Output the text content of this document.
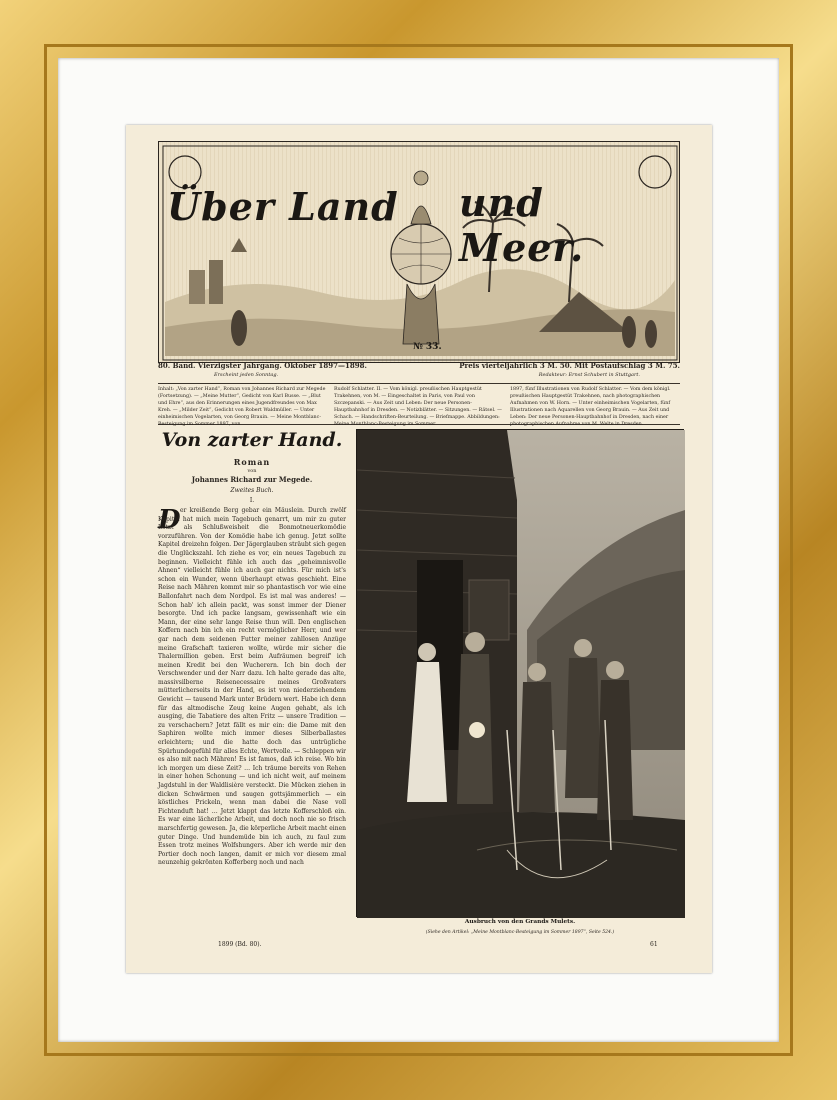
Über Land und Meer.
№ 33.
80. Band. Vierzigster Jahrgang. Oktober 1897—1898.	Preis vierteljährlich 3 M. 50. Mit Postaufschlag 3 M. 75.
Erscheint jeden Sonntag.	Redakteur: Ernst Schubert in Stuttgart.
Inhalt: „Von zarter Hand“, Roman von Johannes Richard zur Megede (Fortsetzung). — „Meine Mutter“, Gedicht von Karl Busse. — „Blut und Ehre“, aus den Erinnerungen eines Jugendfreundes von Max Kreh. — „Milder Zeit“, Gedicht von Robert Waldmüller. — Unter einheimischen Vogelarten, von Georg Brauin. — Meine Montblanc-Besteigung im Sommer 1897, von
Rudolf Schlatter. II. — Vom königl. preußischen Hauptgestüt Trakehnen, von M. — Eingeschaltet in Paris, von Paul von Szczepanski. — Aus Zeit und Leben: Der neue Personen-Hauptbahnhof in Dresden. — Notizblätter. — Sitzungen. — Rätsel. — Schach. — Handschriften-Beurteilung. — Briefmappe. Abbildungen: Meine Montblanc-Besteigung im Sommer
1897, fünf Illustrationen von Rudolf Schlatter. — Vom dem königl. preußischen Hauptgestüt Trakehnen, nach photographischen Aufnahmen von W. Horn. — Unter einheimischen Vogelarten, fünf Illustrationen nach Aquarellen von Georg Brauin. — Aus Zeit und Leben: Der neue Personen-Hauptbahnhof in Dresden, nach einer photographischen Aufnahme von M. Welte in Dresden.
Von zarter Hand.
Roman
von
Johannes Richard zur Megede.
Zweites Buch.
I.
D er kreißende Berg gebar ein Mäuslein. Durch zwölf Kapitel hat mich mein Tagebuch genarrt, um mir zu guter Letzt als Schlußweisheit die Bonmotneuerkomödie vorzuführen. Von der Komödie habe ich genug. Jetzt sollte Kapitel dreizehn folgen. Der Jägerglauben sträubt sich gegen die Unglückszahl. Ich ziehe es vor, ein neues Tagebuch zu beginnen. Vielleicht fühle ich auch das „geheimnisvolle Ahnen“ vielleicht fühle ich auch gar nichts. Für mich ist's schon ein Wunder, wenn überhaupt etwas geschieht. Eine Reise nach Mähren kommt mir so phantastisch vor wie eine Ballonfahrt nach dem Nordpol. Es ist mal was anderes! — Schon hab' ich allein packt, was sonst immer der Diener besorgte. Und ich packe langsam, gewissenhaft wie ein Mann, der eine sehr lange Reise thun will. Den englischen Koffern nach bin ich ein recht vermöglicher Herr, und wer gar nach dem seidenen Futter meiner zahllosen Anzüge meine Grafschaft taxieren wollte, würde mir sicher die Thalermillion geben. Erst beim Aufräumen begreif' ich meinen Kredit bei den Wucherern. Ich bin doch der Verschwender und der Narr dazu. Ich halte gerade das alte, massivsilberne Reisenecessaire meines Großvaters mütterlicherseits in der Hand, es ist von niederziehendem Gewicht — tausend Mark unter Brüdern wert. Habe ich denn für das altmodische Zeug keine Augen gehabt, als ich ausging, die Tabatiere des alten Fritz — unsere Tradition — zu verschachern? Jetzt fällt es mir ein: die Dame mit den Saphiren wollte mich immer dieses Silberballastes erleichtern; und die hatte doch das untrügliche Spürhundegefühl für alles Echte, Wertvolle. — Schleppen wir es also mit nach Mähren! Es ist famos, daß ich reise. Wo bin ich morgen um diese Zeit? … Ich träume bereits von Rehen in einer hohen Schonung — und ich nicht weit, auf meinem Jagdstuhl in der Waldlisière versteckt. Die Mücken ziehen in dicken Schwärmen und saugen gottsjämmerlich — ein köstliches Prickeln, wenn man dabei die Nase voll Fichtenduft hat! … Jetzt klappt das letzte Kofferschloß ein. Es war eine lächerliche Arbeit, und doch noch nie so frisch marschfertig gewesen. Ja, die körperliche Arbeit macht einen guter Dinge. Und hundemüde bin ich auch, zu faul zum Essen trotz meines Wolfshungers. Aber ich werde mir den Portier doch noch langen, damit er mich vor diesem zmal neunzehig gekrönten Kofferberg noch und nach
Ausbruch von den Grands Mulets.
(Siehe den Artikel: „Meine Montblanc-Besteigung im Sommer 1897“, Seite 524.)
1899 (Bd. 80).	61
